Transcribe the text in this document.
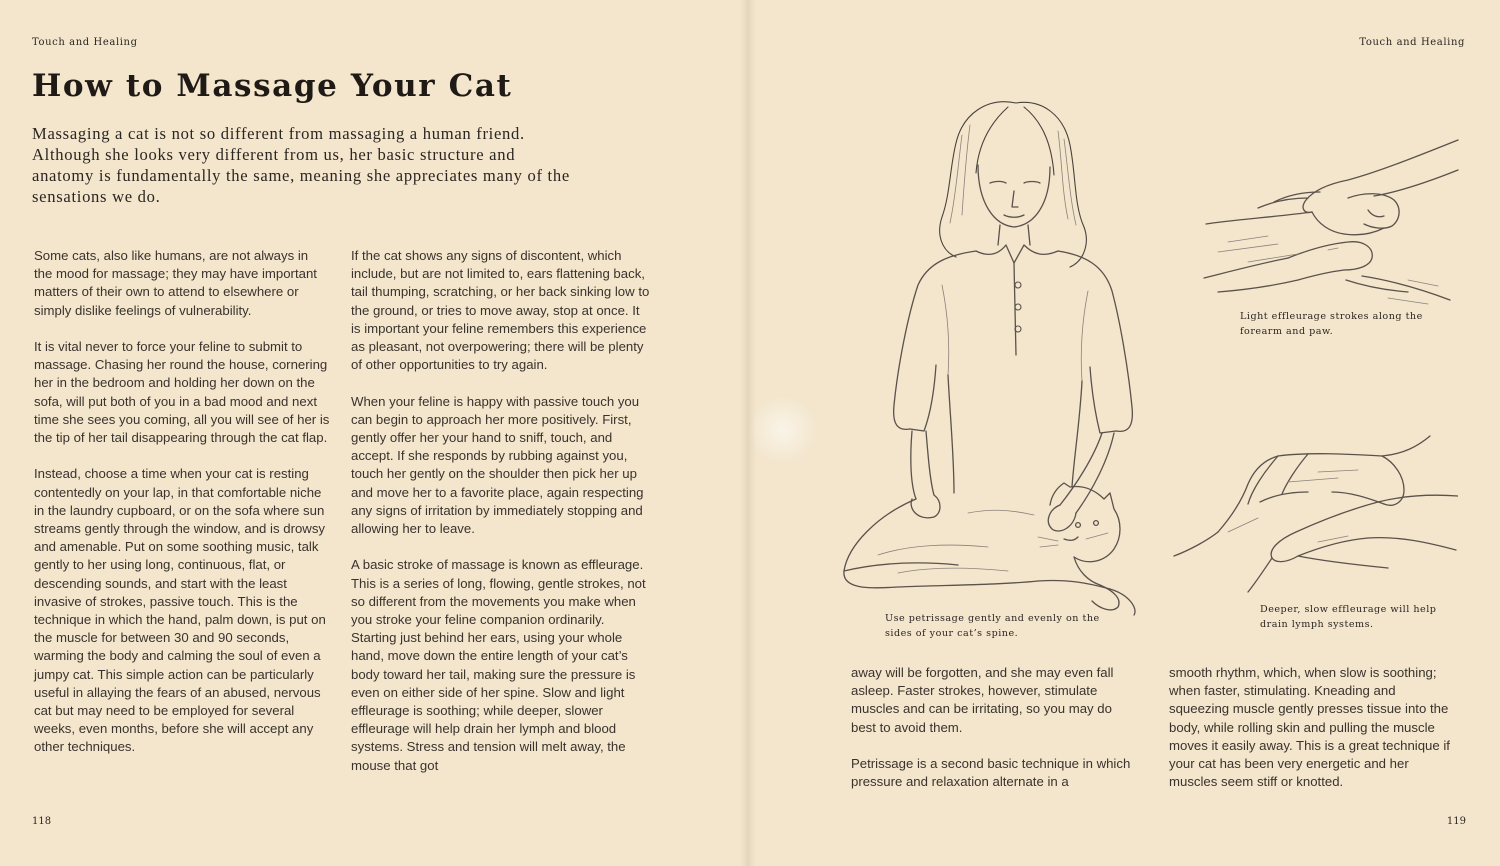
Touch and Healing
How to Massage Your Cat

Massaging a cat is not so different from massaging a human friend. Although she looks very different from us, her basic structure and anatomy is fundamentally the same, meaning she appreciates many of the sensations we do.

Some cats, also like humans, are not always in the mood for massage; they may have important matters of their own to attend to elsewhere or simply dislike feelings of vulnerability.

It is vital never to force your feline to submit to massage. Chasing her round the house, cornering her in the bedroom and holding her down on the sofa, will put both of you in a bad mood and next time she sees you coming, all you will see of her is the tip of her tail disappearing through the cat flap.

Instead, choose a time when your cat is resting contentedly on your lap, in that comfortable niche in the laundry cupboard, or on the sofa where sun streams gently through the window, and is drowsy and amenable. Put on some soothing music, talk gently to her using long, continuous, flat, or descending sounds, and start with the least invasive of strokes, passive touch. This is the technique in which the hand, palm down, is put on the muscle for between 30 and 90 seconds, warming the body and calming the soul of even a jumpy cat. This simple action can be particularly useful in allaying the fears of an abused, nervous cat but may need to be employed for several weeks, even months, before she will accept any other techniques.

If the cat shows any signs of discontent, which include, but are not limited to, ears flattening back, tail thumping, scratching, or her back sinking low to the ground, or tries to move away, stop at once. It is important your feline remembers this experience as pleasant, not overpowering; there will be plenty of other opportunities to try again.

When your feline is happy with passive touch you can begin to approach her more positively. First, gently offer her your hand to sniff, touch, and accept. If she responds by rubbing against you, touch her gently on the shoulder then pick her up and move her to a favorite place, again respecting any signs of irritation by immediately stopping and allowing her to leave.

A basic stroke of massage is known as effleurage. This is a series of long, flowing, gentle strokes, not so different from the movements you make when you stroke your feline companion ordinarily. Starting just behind her ears, using your whole hand, move down the entire length of your cat’s body toward her tail, making sure the pressure is even on either side of her spine. Slow and light effleurage is soothing; while deeper, slower effleurage will help drain her lymph and blood systems. Stress and tension will melt away, the mouse that got

118
Touch and Healing
Light effleurage strokes along the forearm and paw.
Deeper, slow effleurage will help drain lymph systems.
Use petrissage gently and evenly on the sides of your cat’s spine.

away will be forgotten, and she may even fall asleep. Faster strokes, however, stimulate muscles and can be irritating, so you may do best to avoid them.

Petrissage is a second basic technique in which pressure and relaxation alternate in a

smooth rhythm, which, when slow is soothing; when faster, stimulating. Kneading and squeezing muscle gently presses tissue into the body, while rolling skin and pulling the muscle moves it easily away. This is a great technique if your cat has been very energetic and her muscles seem stiff or knotted.

119
